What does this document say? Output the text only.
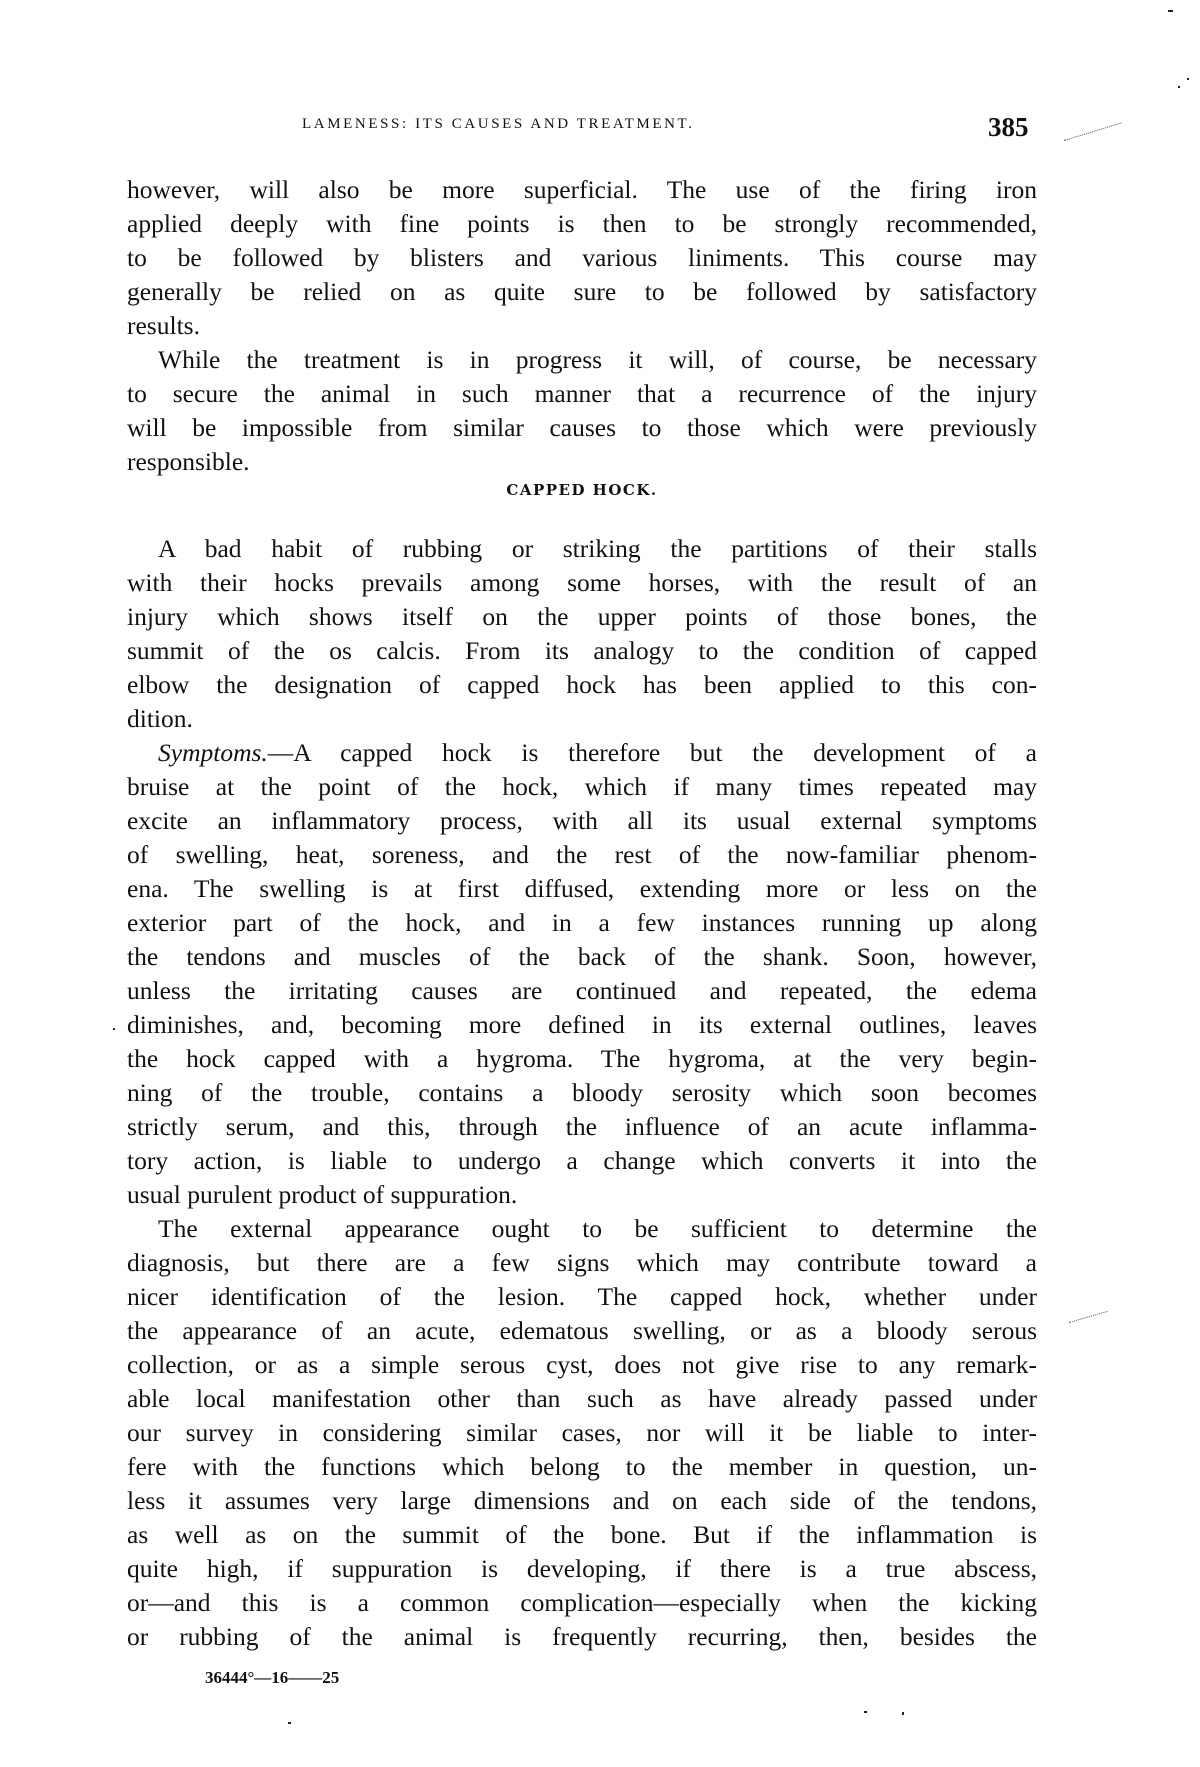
LAMENESS: ITS CAUSES AND TREATMENT.	385
however, will also be more superficial. The use of the firing iron
applied deeply with fine points is then to be strongly recommended,
to be followed by blisters and various liniments. This course may
generally be relied on as quite sure to be followed by satisfactory
results.
While the treatment is in progress it will, of course, be necessary
to secure the animal in such manner that a recurrence of the injury
will be impossible from similar causes to those which were previously
responsible.
CAPPED HOCK.
A bad habit of rubbing or striking the partitions of their stalls
with their hocks prevails among some horses, with the result of an
injury which shows itself on the upper points of those bones, the
summit of the os calcis. From its analogy to the condition of capped
elbow the designation of capped hock has been applied to this con-
dition.
Symptoms.—A capped hock is therefore but the development of a
bruise at the point of the hock, which if many times repeated may
excite an inflammatory process, with all its usual external symptoms
of swelling, heat, soreness, and the rest of the now-familiar phenom-
ena. The swelling is at first diffused, extending more or less on the
exterior part of the hock, and in a few instances running up along
the tendons and muscles of the back of the shank. Soon, however,
unless the irritating causes are continued and repeated, the edema
diminishes, and, becoming more defined in its external outlines, leaves
the hock capped with a hygroma. The hygroma, at the very begin-
ning of the trouble, contains a bloody serosity which soon becomes
strictly serum, and this, through the influence of an acute inflamma-
tory action, is liable to undergo a change which converts it into the
usual purulent product of suppuration.
The external appearance ought to be sufficient to determine the
diagnosis, but there are a few signs which may contribute toward a
nicer identification of the lesion. The capped hock, whether under
the appearance of an acute, edematous swelling, or as a bloody serous
collection, or as a simple serous cyst, does not give rise to any remark-
able local manifestation other than such as have already passed under
our survey in considering similar cases, nor will it be liable to inter-
fere with the functions which belong to the member in question, un-
less it assumes very large dimensions and on each side of the tendons,
as well as on the summit of the bone. But if the inflammation is
quite high, if suppuration is developing, if there is a true abscess,
or—and this is a common complication—especially when the kicking
or rubbing of the animal is frequently recurring, then, besides the
36444°—16——25
